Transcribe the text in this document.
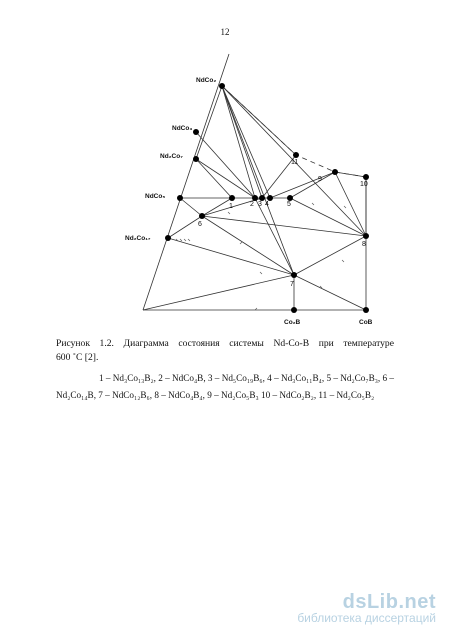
12
NdCo₂
NdCo₃
Nd₂Co₇
NdCo₅
Nd₂Co₁₇
Co₂B	CoB
1 2 3 4	5
6
7
8
9
10
11
Рисунок 1.2. Диаграмма состояния системы Nd-Co-B при температуре
600 ˚С [2].
1 – Nd₃Co₁₃B₂, 2 – NdCo₄B, 3 – Nd₅Co₁₉B₆, 4 – Nd₃Co₁₁B₄, 5 – Nd₂Co₇B₃, 6 –
Nd₂Co₁₄B, 7 – NdCo₁₂B₆, 8 – NdCo₄B₄, 9 – Nd₂Co₅B₃ 10 – NdCo₂B₂, 11 – Nd₂Co₅B₂
dsLib.net
библиотека диссертаций
